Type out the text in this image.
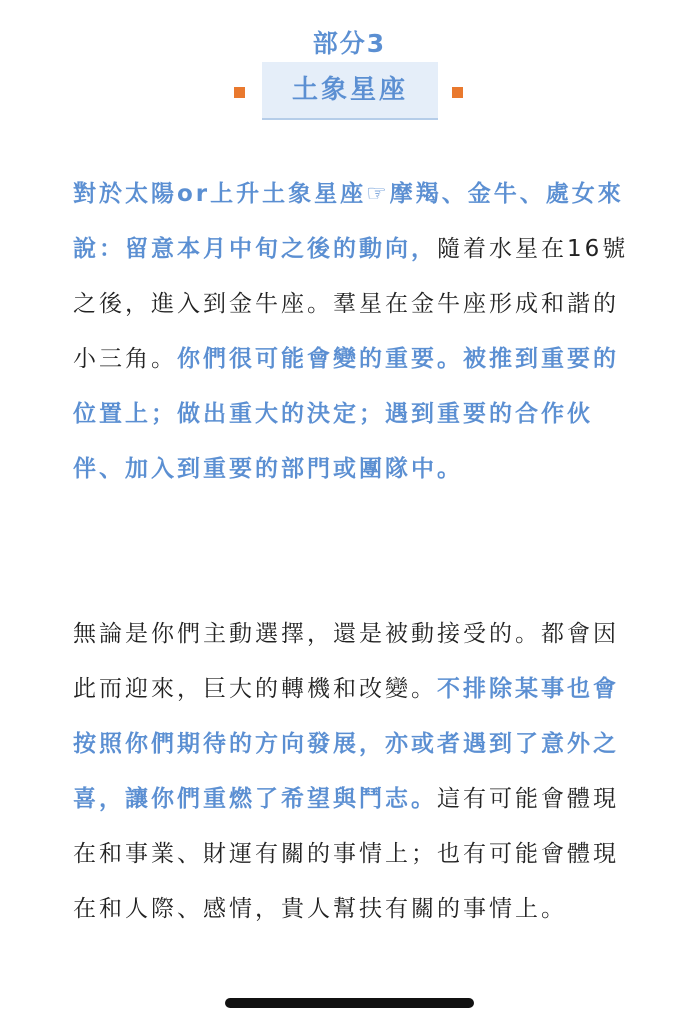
部分3
土象星座

對於太陽or上升土象星座☞摩羯、金牛、處女來說：留意本月中旬之後的動向，隨着水星在16號之後，進入到金牛座。羣星在金牛座形成和諧的小三角。你們很可能會變的重要。被推到重要的位置上；做出重大的決定；遇到重要的合作伙伴、加入到重要的部門或團隊中。

無論是你們主動選擇，還是被動接受的。都會因此而迎來，巨大的轉機和改變。不排除某事也會按照你們期待的方向發展，亦或者遇到了意外之喜，讓你們重燃了希望與鬥志。這有可能會體現在和事業、財運有關的事情上；也有可能會體現在和人際、感情，貴人幫扶有關的事情上。
